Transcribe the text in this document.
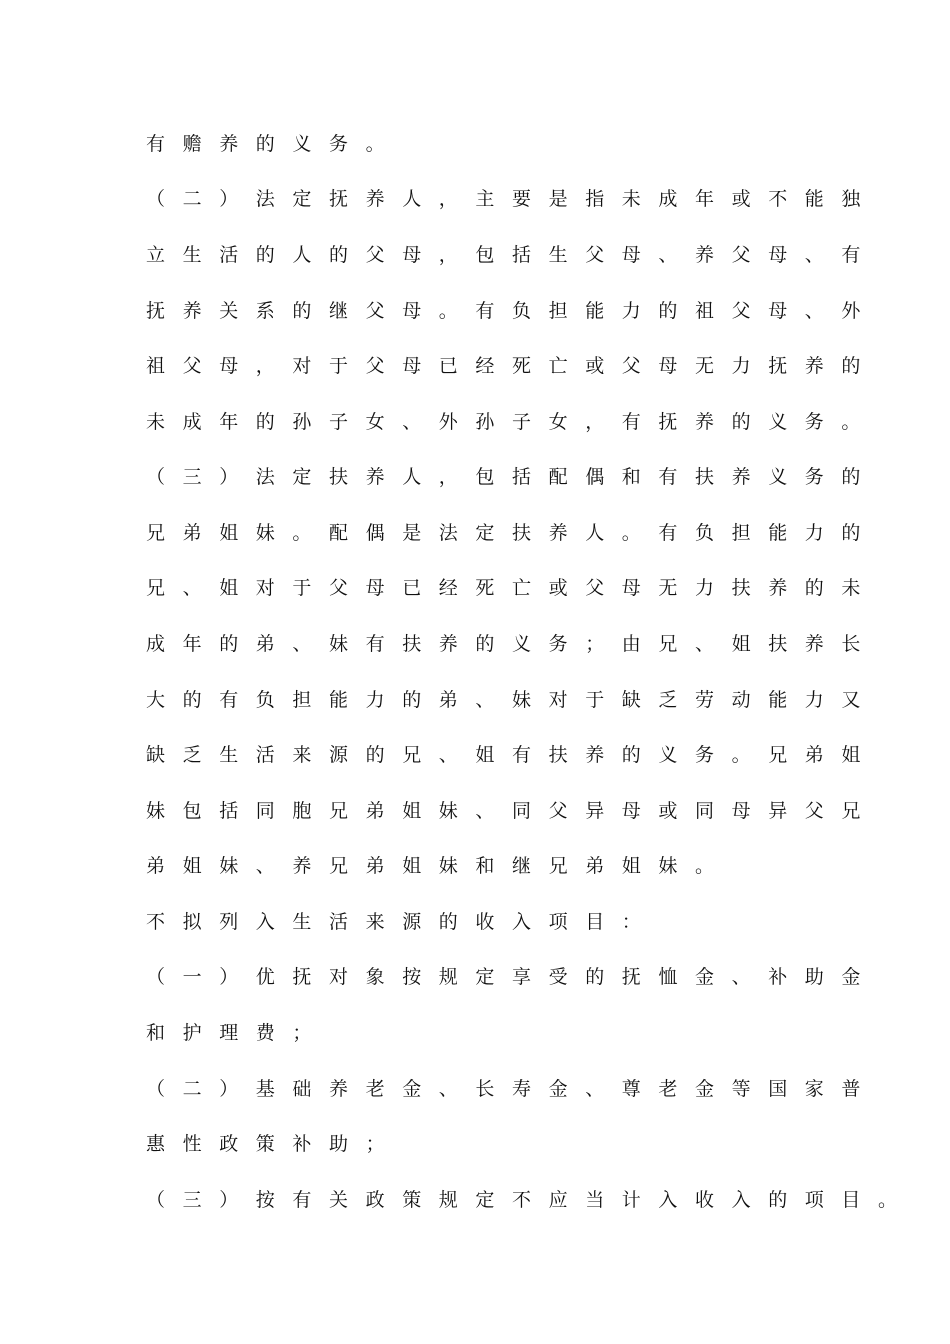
有赡养的义务。
（二）法定抚养人，主要是指未成年或不能独
立生活的人的父母，包括生父母、养父母、有
抚养关系的继父母。有负担能力的祖父母、外
祖父母，对于父母已经死亡或父母无力抚养的
未成年的孙子女、外孙子女，有抚养的义务。
（三）法定扶养人，包括配偶和有扶养义务的
兄弟姐妹。配偶是法定扶养人。有负担能力的
兄、姐对于父母已经死亡或父母无力扶养的未
成年的弟、妹有扶养的义务；由兄、姐扶养长
大的有负担能力的弟、妹对于缺乏劳动能力又
缺乏生活来源的兄、姐有扶养的义务。兄弟姐
妹包括同胞兄弟姐妹、同父异母或同母异父兄
弟姐妹、养兄弟姐妹和继兄弟姐妹。
不拟列入生活来源的收入项目：
（一）优抚对象按规定享受的抚恤金、补助金
和护理费；
（二）基础养老金、长寿金、尊老金等国家普
惠性政策补助；
（三）按有关政策规定不应当计入收入的项目。
